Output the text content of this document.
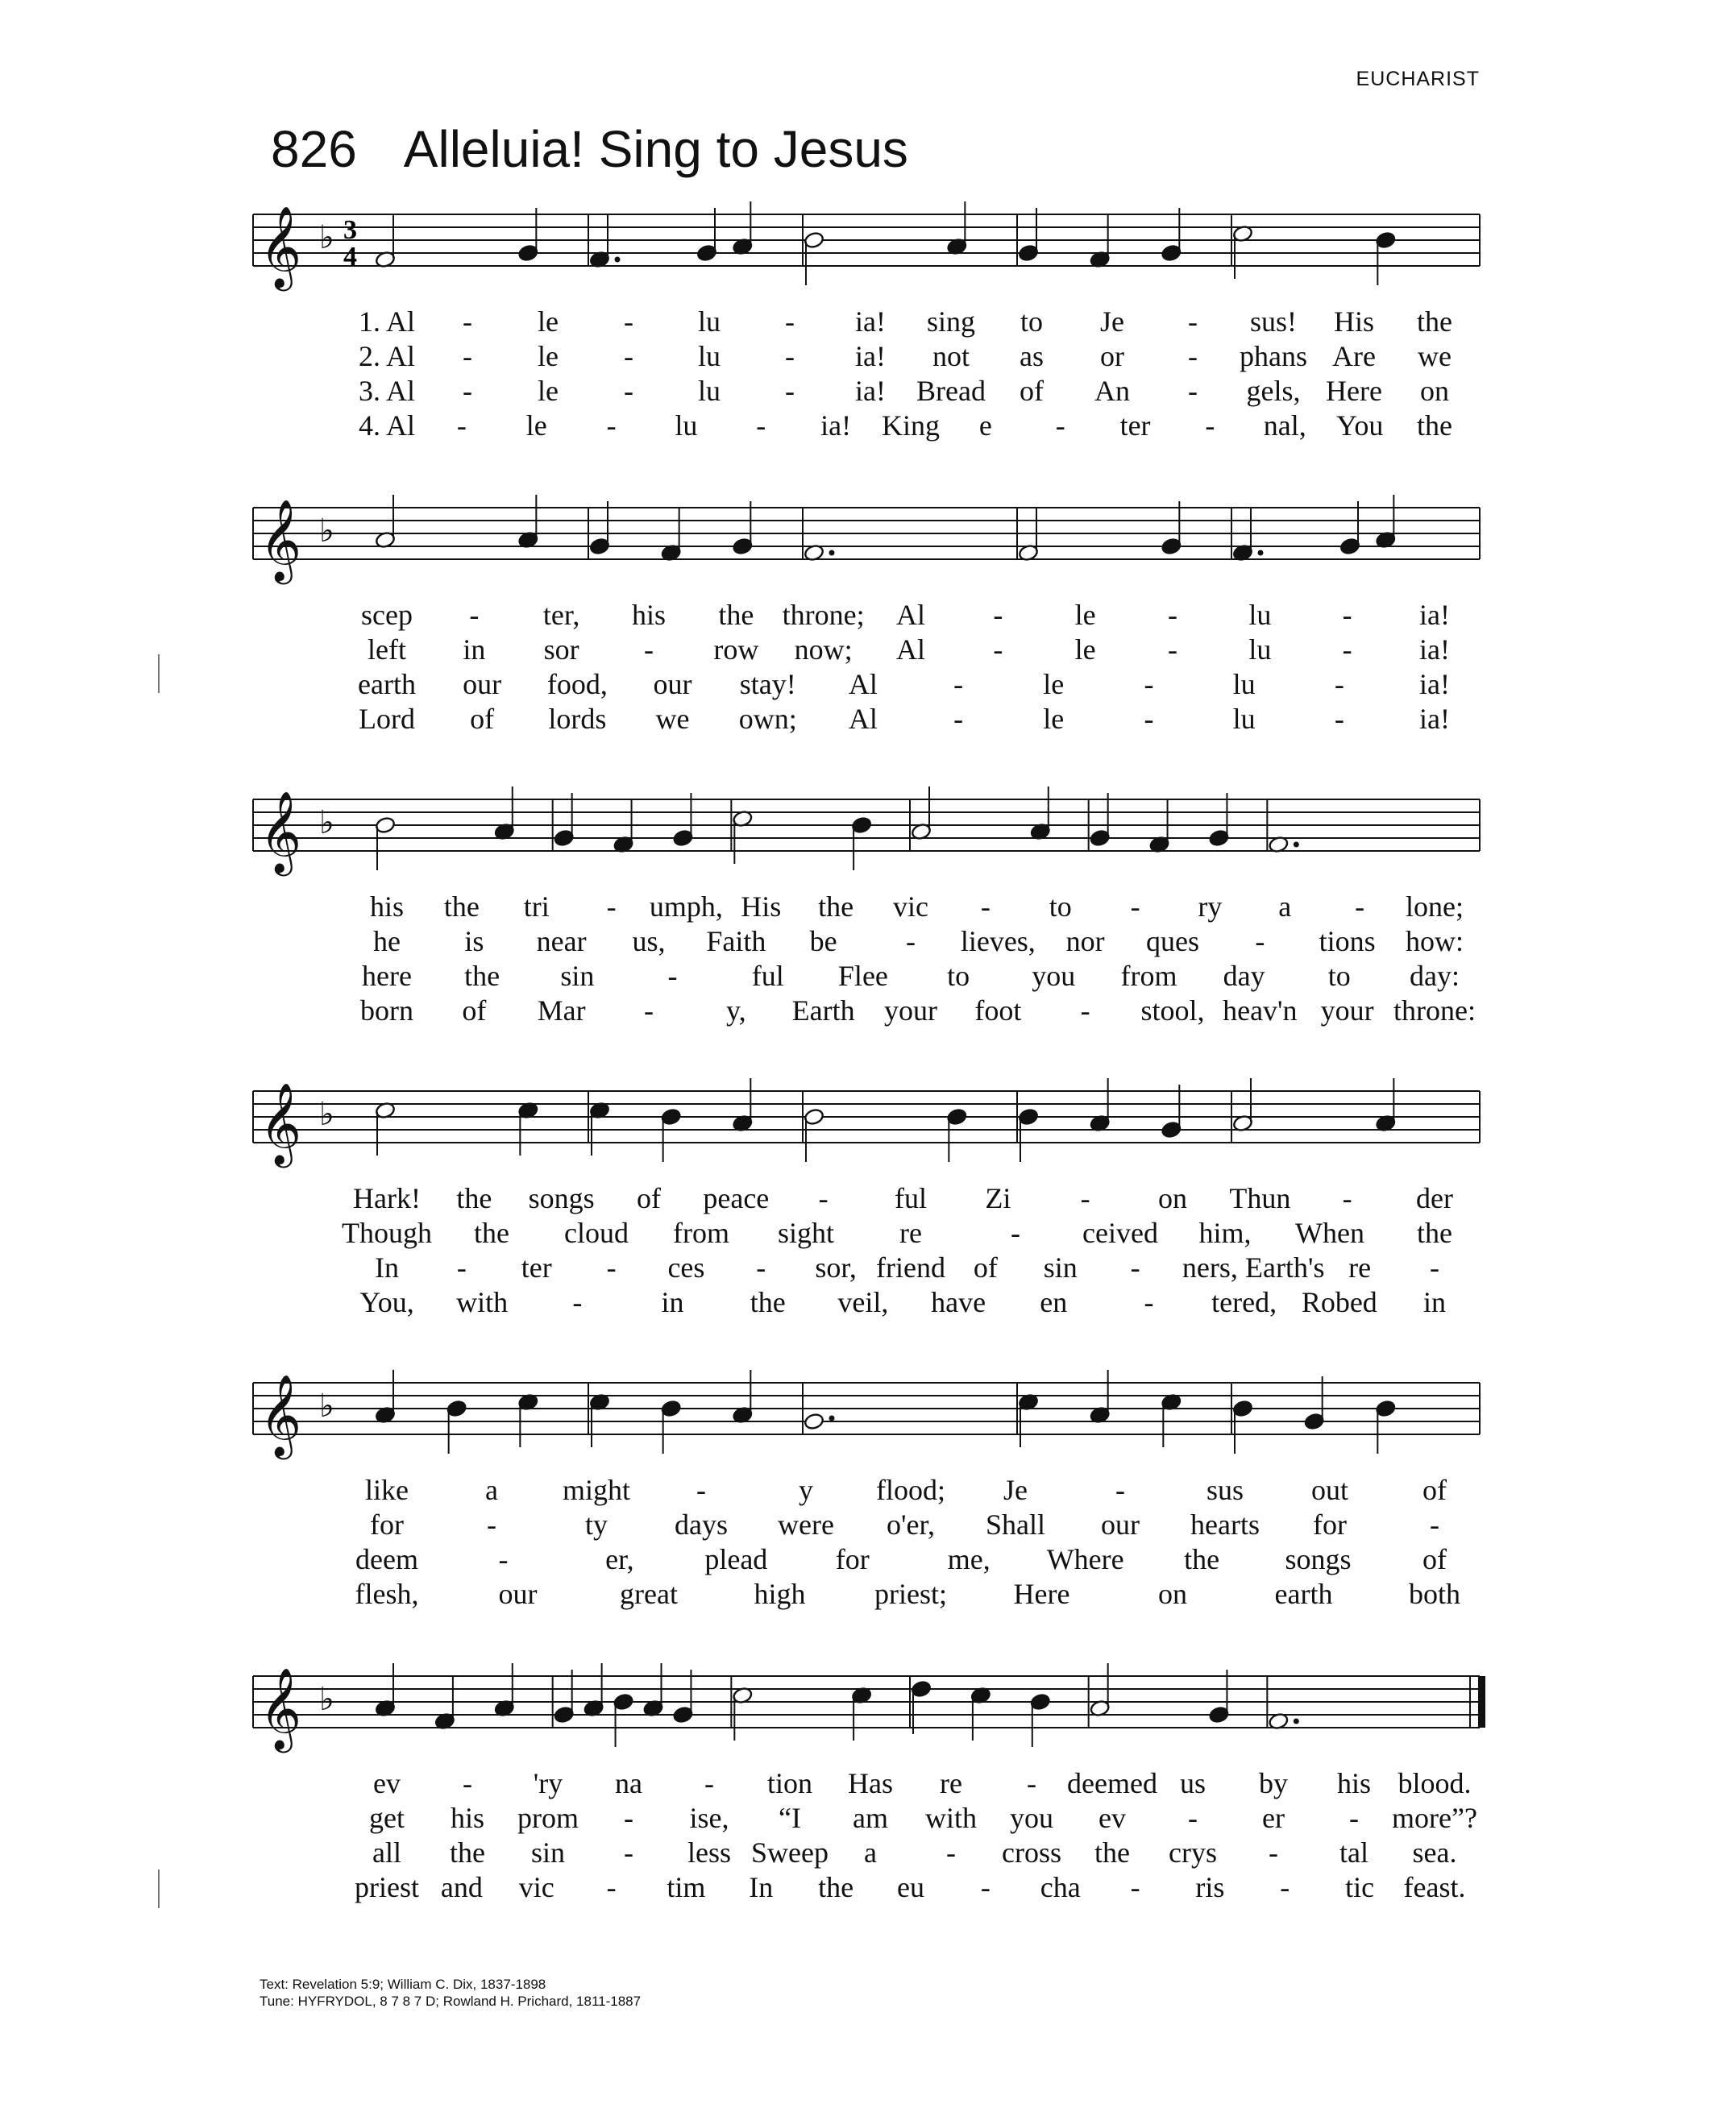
EUCHARIST
826 Alleluia! Sing to Jesus
𝄞 ♭ 3
4
𝄞 ♭
𝄞 ♭
𝄞 ♭
𝄞 ♭
𝄞 ♭
Text: Revelation 5:9; William C. Dix, 1837-1898
Tune: HYFRYDOL, 8 7 8 7 D; Rowland H. Prichard, 1811-1887
1. Al - le - lu - ia! sing to Je - sus! His the
2. Al - le - lu - ia! not as or - phans Are we
3. Al - le - lu - ia! Bread of An - gels, Here on
4. Al - le - lu - ia! King e - ter - nal, You the
scep - ter, his the throne; Al - le - lu - ia!
left in sor - row now; Al - le - lu - ia!
earth our food, our stay! Al	-	le	-	lu	-	ia!
Lord of lords we own; Al	-	le	-	lu	-	ia!
his the tri - umph, His the vic - to - ry a - lone;
he is near us, Faith be - lieves, nor ques - tions how:
here the sin	-	ful Flee to you from day to day:
born of Mar - y, Earth your foot - stool, heav'n your throne:
Hark! the songs of peace - ful Zi - on Thun - der
Though the cloud from sight re	- ceived him, When the
In - ter - ces - sor, friend of sin - ners, Earth's re -
You, with -	in the veil, have en	- tered, Robed in
like	a might -	y flood; Je	-	sus out	of
for	-	ty days were o'er, Shall our hearts for	-
deem	-	er, plead for	me, Where the songs of
flesh,	our	great	high priest; Here	on	earth	both
ev - 'ry na - tion Has re - deemed us by his blood.
get his prom - ise, “I am with you ev - er - more”?
all the sin - less Sweep a - cross the crys - tal sea.
priest and vic - tim In the eu - cha - ris - tic feast.
